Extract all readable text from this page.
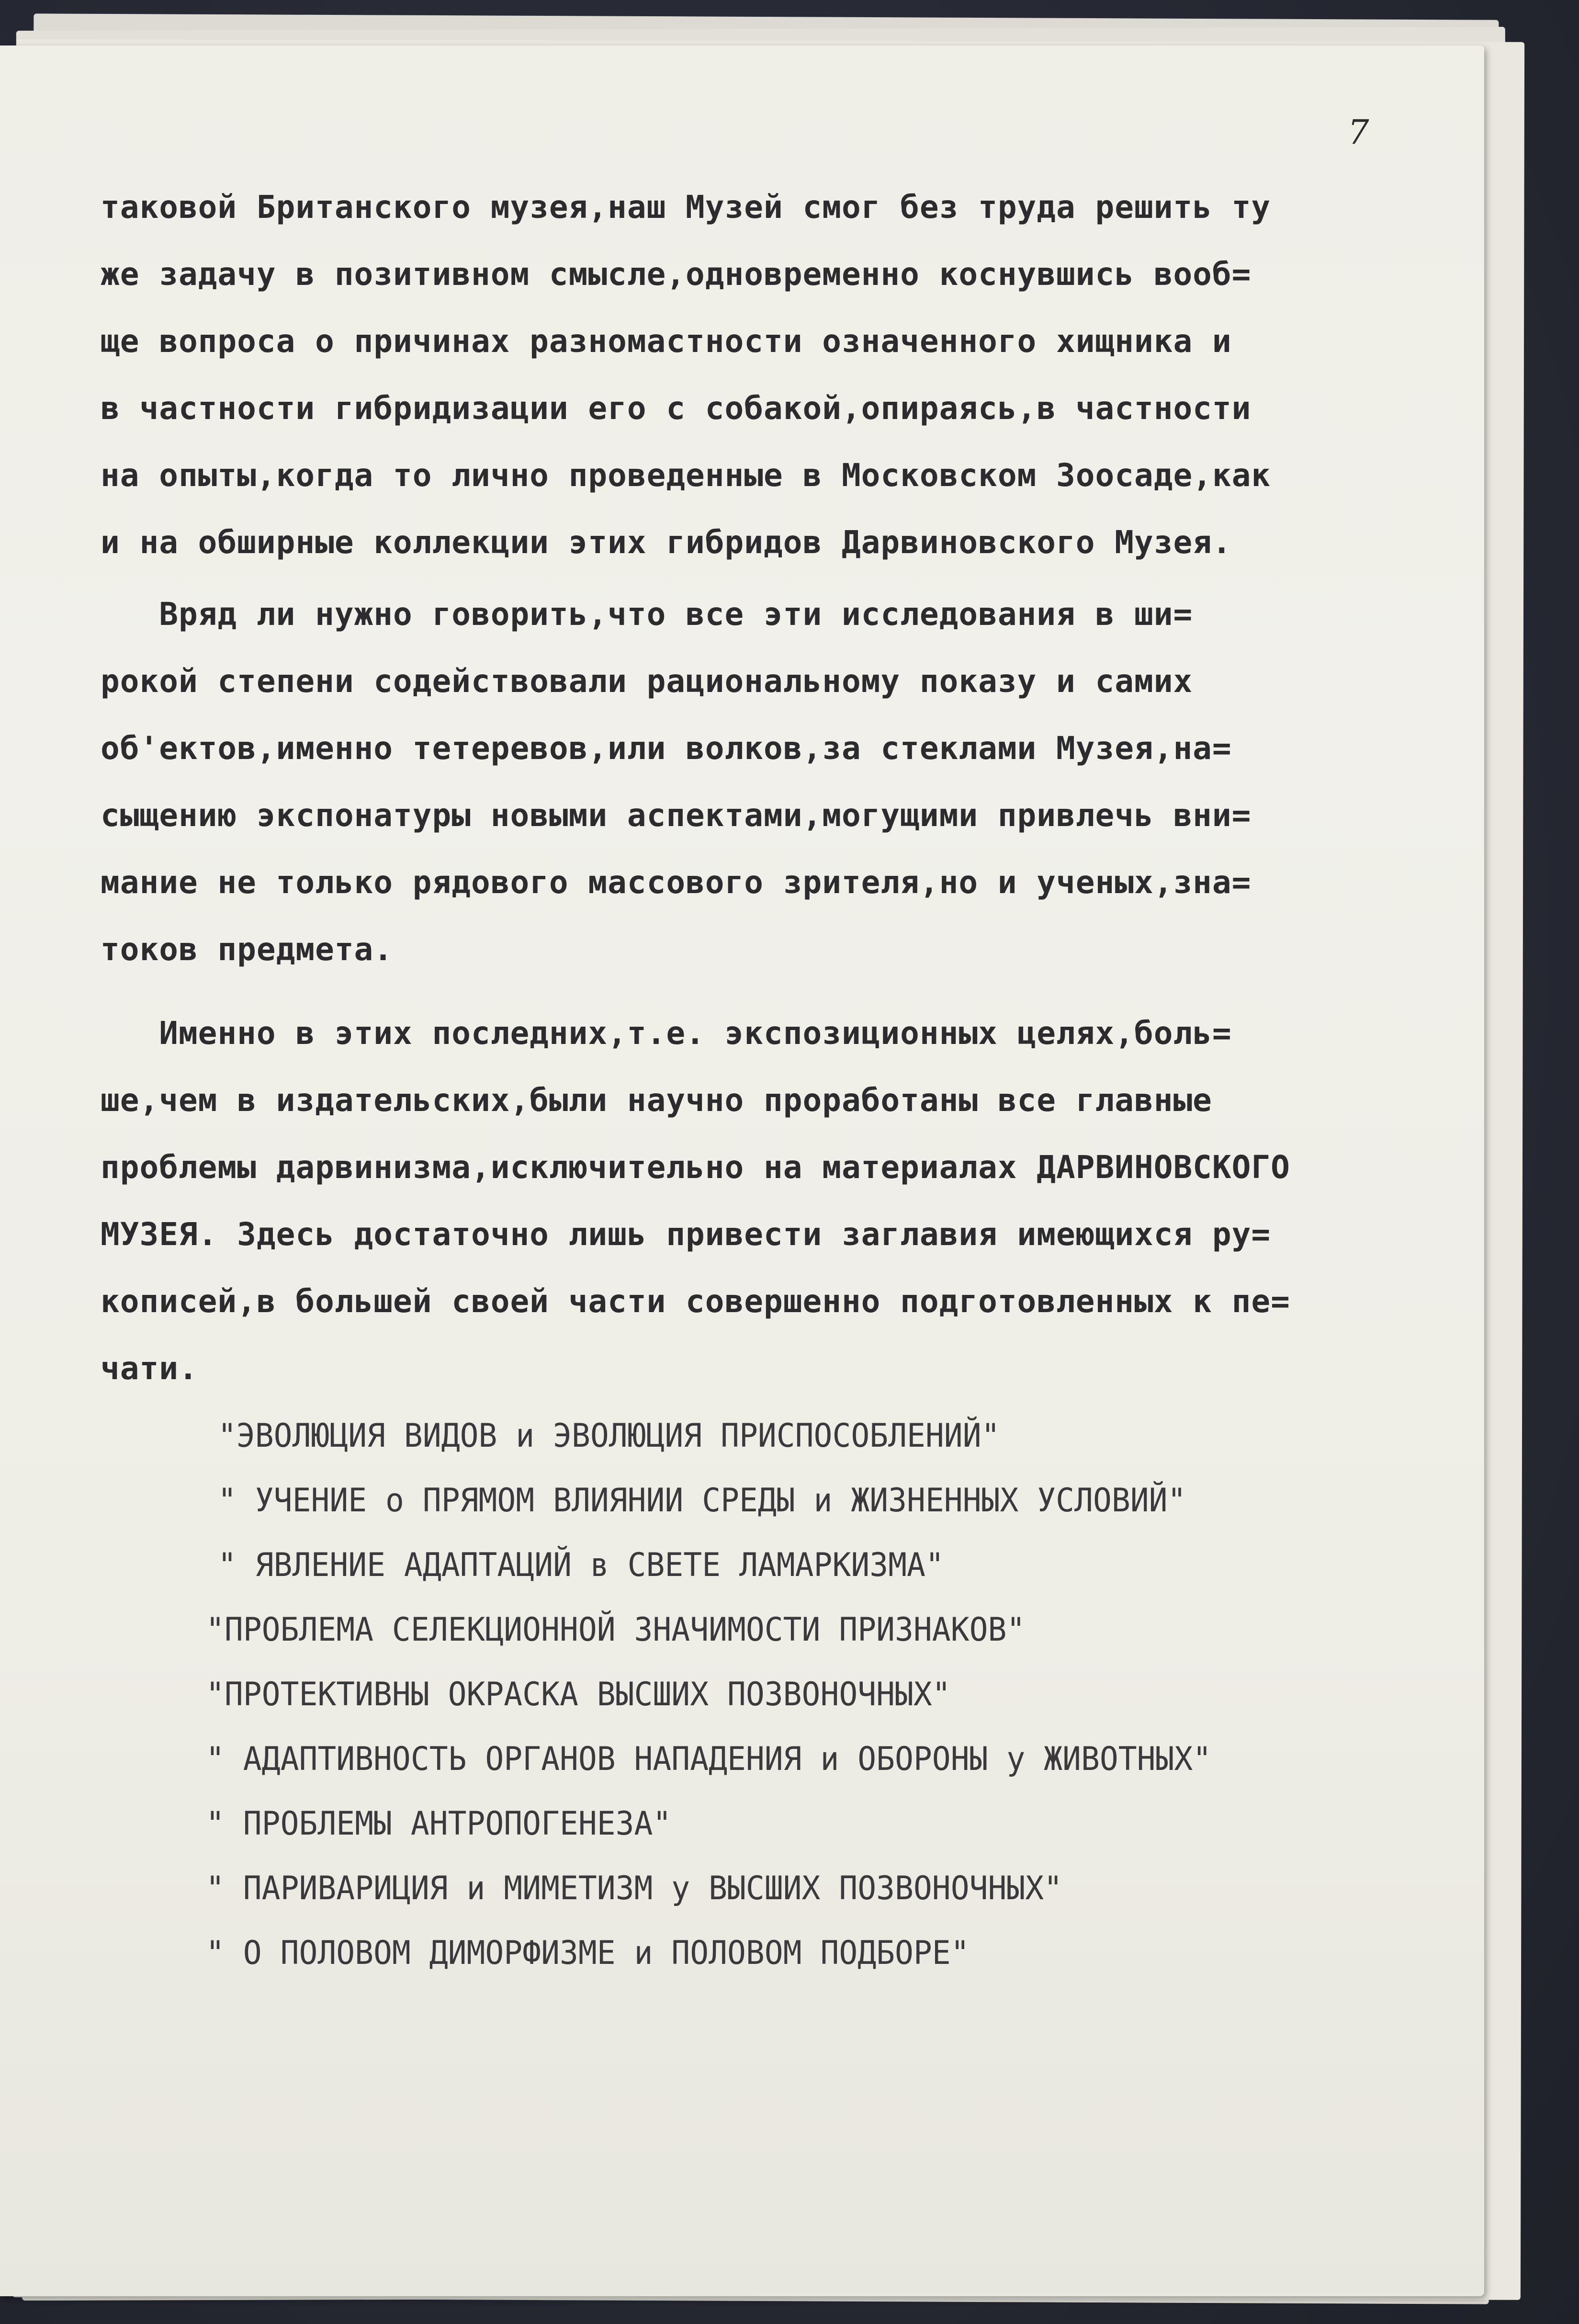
7
таковой Британского музея,наш Музей смог без труда решить ту
же задачу в позитивном смысле,одновременно коснувшись вооб=
ще вопроса о причинах разномастности означенного хищника и
в частности гибридизации его с собакой,опираясь,в частности
на опыты,когда то лично проведенные в Московском Зоосаде,как
и на обширные коллекции этих гибридов Дарвиновского Музея.
Вряд ли нужно говорить,что все эти исследования в ши=
рокой степени содействовали рациональному показу и самих
об'ектов,именно тетеревов,или волков,за стеклами Музея,на=
сыщению экспонатуры новыми аспектами,могущими привлечь вни=
мание не только рядового массового зрителя,но и ученых,зна=
токов предмета.
Именно в этих последних,т.е. экспозиционных целях,боль=
ше,чем в издательских,были научно проработаны все главные
проблемы дарвинизма,исключительно на материалах ДАРВИНОВСКОГО
МУЗЕЯ. Здесь достаточно лишь привести заглавия имеющихся ру=
кописей,в большей своей части совершенно подготовленных к пе=
чати.
"ЭВОЛЮЦИЯ ВИДОВ и ЭВОЛЮЦИЯ ПРИСПОСОБЛЕНИЙ"
" УЧЕНИЕ о ПРЯМОМ ВЛИЯНИИ СРЕДЫ и ЖИЗНЕННЫХ УСЛОВИЙ"
" ЯВЛЕНИЕ АДАПТАЦИЙ в СВЕТЕ ЛАМАРКИЗМА"
"ПРОБЛЕМА СЕЛЕКЦИОННОЙ ЗНАЧИМОСТИ ПРИЗНАКОВ"
"ПРОТЕКТИВНЫ ОКРАСКА ВЫСШИХ ПОЗВОНОЧНЫХ"
" АДАПТИВНОСТЬ ОРГАНОВ НАПАДЕНИЯ и ОБОРОНЫ у ЖИВОТНЫХ"
" ПРОБЛЕМЫ АНТРОПОГЕНЕЗА"
" ПАРИВАРИЦИЯ и МИМЕТИЗМ у ВЫСШИХ ПОЗВОНОЧНЫХ"
" О ПОЛОВОМ ДИМОРФИЗМЕ и ПОЛОВОМ ПОДБОРЕ"
